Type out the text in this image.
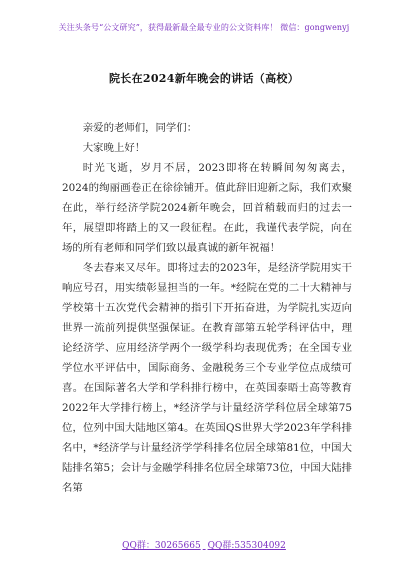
关注头条号“公文研究”，获得最新最全最专业的公文资料库！ 微信：gongwenyj
院长在2024新年晚会的讲话（高校）

亲爱的老师们，同学们：

大家晚上好！

时光飞逝，岁月不居，2023即将在转瞬间匆匆离去，2024的绚丽画卷正在徐徐铺开。值此辞旧迎新之际，我们欢聚在此，举行经济学院2024新年晚会，回首稍载而归的过去一年，展望即将踏上的又一段征程。在此，我谨代表学院，向在场的所有老师和同学们致以最真诚的新年祝福！

冬去春来又尽年。即将过去的2023年，是经济学院用实干响应号召，用实绩彰显担当的一年。*经院在党的二十大精神与学校第十五次党代会精神的指引下开拓奋进，为学院扎实迈向世界一流前列提供坚强保证。在教育部第五轮学科评估中，理论经济学、应用经济学两个一级学科均表现优秀；在全国专业学位水平评估中，国际商务、金融税务三个专业学位点成绩可喜。在国际著名大学和学科排行榜中，在英国泰晤士高等教育2022年大学排行榜上，*经济学与计量经济学科位居全球第75位，位列中国大陆地区第4。在英国QS世界大学2023年学科排名中，*经济学与计量经济学学科排名位居全球第81位，中国大陆排名第5；会计与金融学科排名位居全球第73位，中国大陆排名第

QQ群：30265665 QQ群:535304092
